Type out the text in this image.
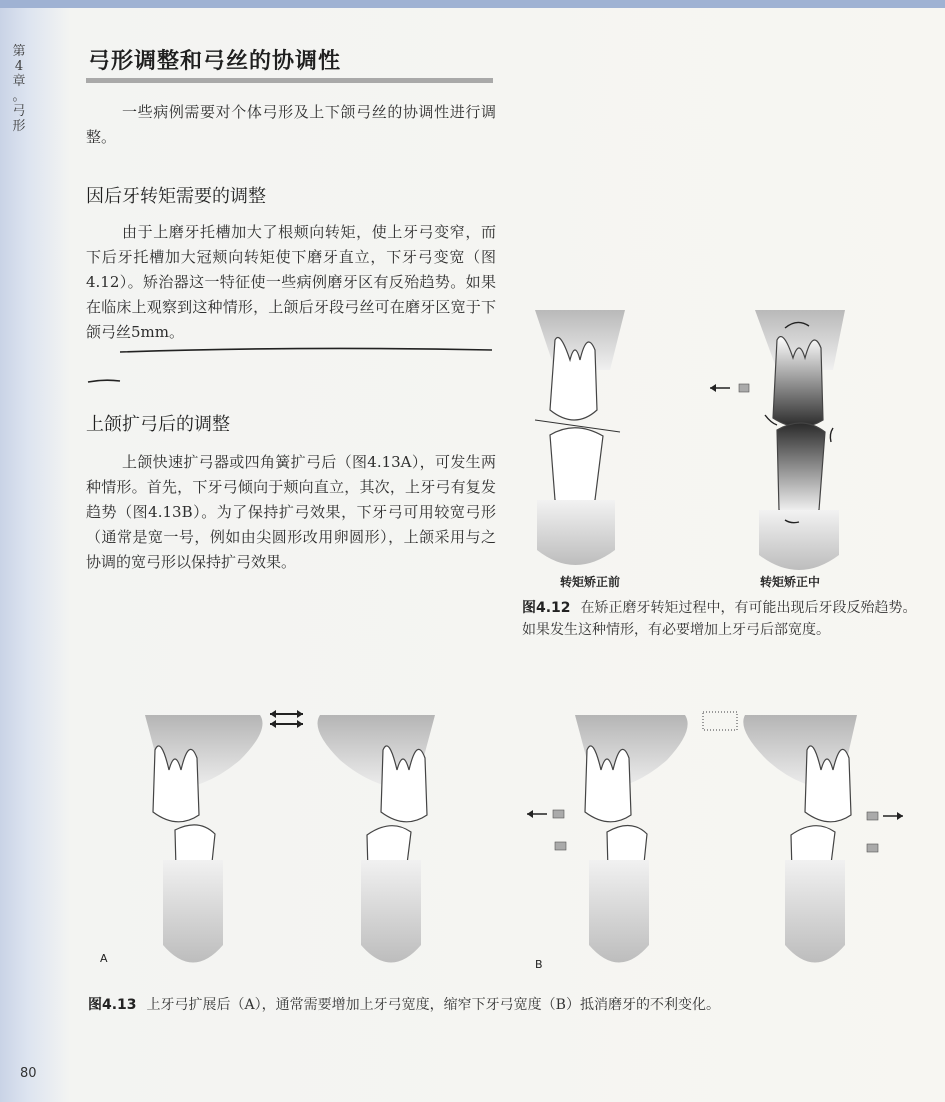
第
4
章
。
弓
形
弓形调整和弓丝的协调性
一些病例需要对个体弓形及上下颌弓丝的协调性进行调整。
因后牙转矩需要的调整
由于上磨牙托槽加大了根颊向转矩，使上牙弓变窄，而下后牙托槽加大冠颊向转矩使下磨牙直立，下牙弓变宽（图4.12）。矫治器这一特征使一些病例磨牙区有反殆趋势。如果在临床上观察到这种情形，上颌后牙段弓丝可在磨牙区宽于下颌弓丝5mm。
上颌扩弓后的调整
上颌快速扩弓器或四角簧扩弓后（图4.13A），可发生两种情形。首先，下牙弓倾向于颊向直立，其次，上牙弓有复发趋势（图4.13B）。为了保持扩弓效果，下牙弓可用较宽弓形（通常是宽一号，例如由尖圆形改用卵圆形），上颌采用与之协调的宽弓形以保持扩弓效果。
转矩矫正前	转矩矫正中
图4.12 在矫正磨牙转矩过程中，有可能出现后牙段反殆趋势。如果发生这种情形，有必要增加上牙弓后部宽度。
A	B
图4.13 上牙弓扩展后（A），通常需要增加上牙弓宽度，缩窄下牙弓宽度（B）抵消磨牙的不利变化。
80
